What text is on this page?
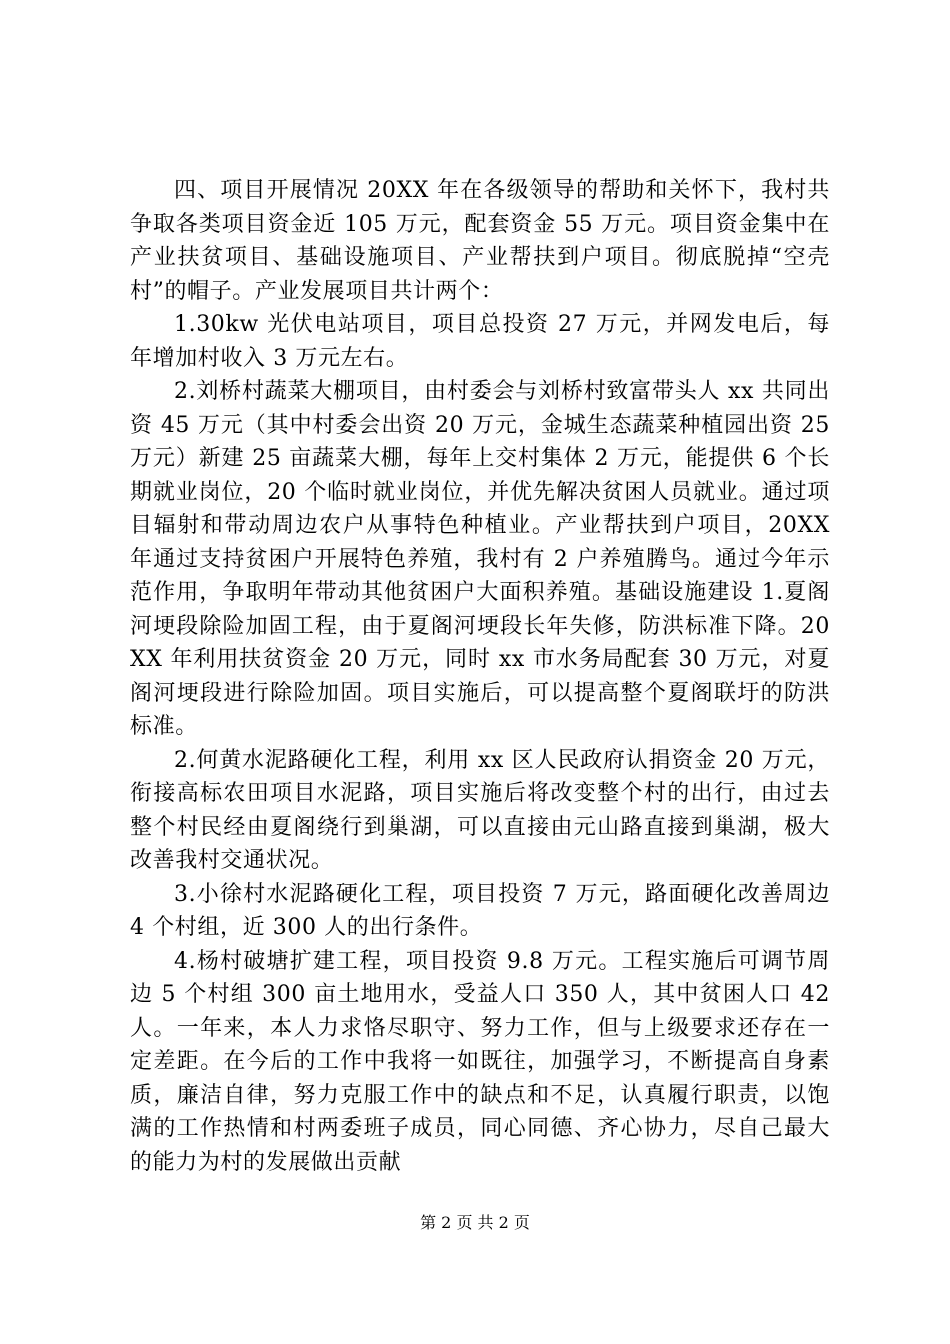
四、项目开展情况 20XX 年在各级领导的帮助和关怀下，我村共争取各类项目资金近 105 万元，配套资金 55 万元。项目资金集中在产业扶贫项目、基础设施项目、产业帮扶到户项目。彻底脱掉“空壳村”的帽子。产业发展项目共计两个：

1.30kw 光伏电站项目，项目总投资 27 万元，并网发电后，每年增加村收入 3 万元左右。

2.刘桥村蔬菜大棚项目，由村委会与刘桥村致富带头人 xx 共同出资 45 万元（其中村委会出资 20 万元，金城生态蔬菜种植园出资 25 万元）新建 25 亩蔬菜大棚，每年上交村集体 2 万元，能提供 6 个长期就业岗位，20 个临时就业岗位，并优先解决贫困人员就业。通过项目辐射和带动周边农户从事特色种植业。产业帮扶到户项目，20XX 年通过支持贫困户开展特色养殖，我村有 2 户养殖腾鸟。通过今年示范作用，争取明年带动其他贫困户大面积养殖。基础设施建设 1.夏阁河埂段除险加固工程，由于夏阁河埂段长年失修，防洪标准下降。20XX 年利用扶贫资金 20 万元，同时 xx 市水务局配套 30 万元，对夏阁河埂段进行除险加固。项目实施后，可以提高整个夏阁联圩的防洪标准。

2.何黄水泥路硬化工程，利用 xx 区人民政府认捐资金 20 万元，衔接高标农田项目水泥路，项目实施后将改变整个村的出行，由过去整个村民经由夏阁绕行到巢湖，可以直接由元山路直接到巢湖，极大改善我村交通状况。

3.小徐村水泥路硬化工程，项目投资 7 万元，路面硬化改善周边 4 个村组，近 300 人的出行条件。

4.杨村破塘扩建工程，项目投资 9.8 万元。工程实施后可调节周边 5 个村组 300 亩土地用水，受益人口 350 人，其中贫困人口 42 人。一年来，本人力求恪尽职守、努力工作，但与上级要求还存在一定差距。在今后的工作中我将一如既往，加强学习，不断提高自身素质，廉洁自律，努力克服工作中的缺点和不足，认真履行职责，以饱满的工作热情和村两委班子成员，同心同德、齐心协力，尽自己最大的能力为村的发展做出贡献

第 2 页 共 2 页
